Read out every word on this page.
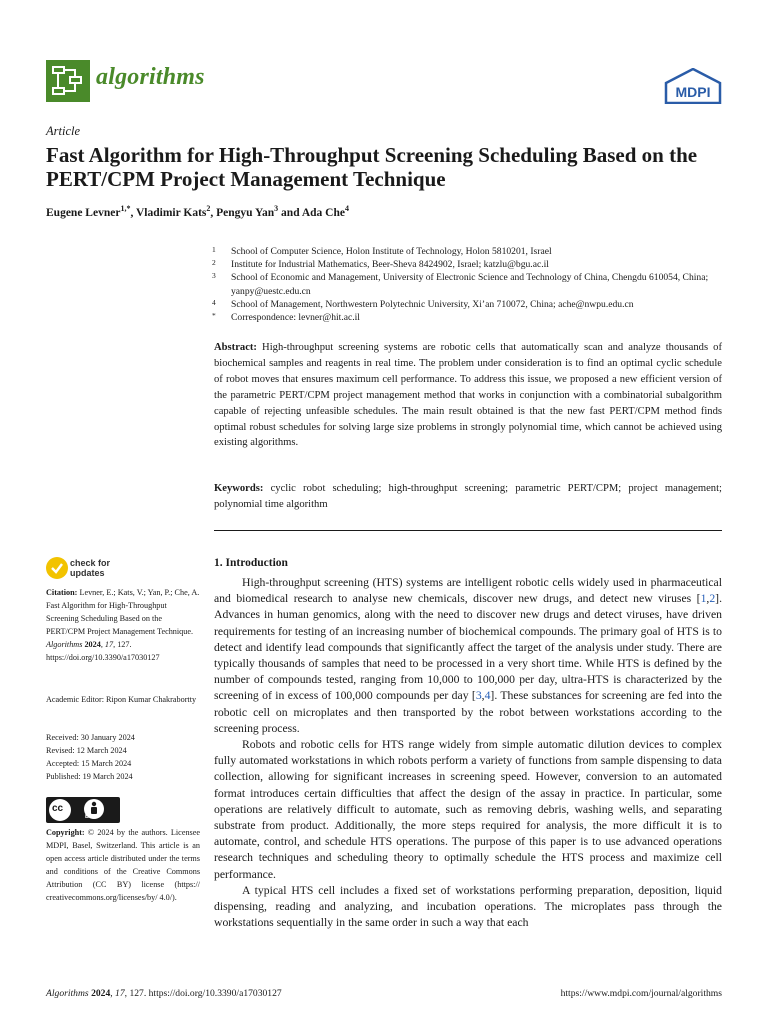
algorithms
MDPI
Article
Fast Algorithm for High-Throughput Screening Scheduling Based on the PERT/CPM Project Management Technique
Eugene Levner$^{1,*}$, Vladimir Kats$^2$, Pengyu Yan$^3$ and Ada Che$^4$
1 School of Computer Science, Holon Institute of Technology, Holon 5810201, Israel
2 Institute for Industrial Mathematics, Beer-Sheva 8424902, Israel; katzlu@bgu.ac.il
3 School of Economic and Management, University of Electronic Science and Technology of China, Chengdu 610054, China; yanpy@uestc.edu.cn
4 School of Management, Northwestern Polytechnic University, Xi’an 710072, China; ache@nwpu.edu.cn
* Correspondence: levner@hit.ac.il
Abstract: High-throughput screening systems are robotic cells that automatically scan and analyze thousands of biochemical samples and reagents in real time. The problem under consideration is to find an optimal cyclic schedule of robot moves that ensures maximum cell performance. To address this issue, we proposed a new efficient version of the parametric PERT/CPM project management method that works in conjunction with a combinatorial subalgorithm capable of rejecting unfeasible schedules. The main result obtained is that the new fast PERT/CPM method finds optimal robust schedules for solving large size problems in strongly polynomial time, which cannot be achieved using existing algorithms.
Keywords: cyclic robot scheduling; high-throughput screening; parametric PERT/CPM; project management; polynomial time algorithm
check for
updates
Citation: Levner, E.; Kats, V.; Yan, P.; Che, A. Fast Algorithm for High-Throughput Screening Scheduling Based on the PERT/CPM Project Management Technique. Algorithms 2024, 17, 127. https://doi.org/10.3390/a17030127
Academic Editor: Ripon Kumar Chakrabortty
Received: 30 January 2024
Revised: 12 March 2024
Accepted: 15 March 2024
Published: 19 March 2024
cc
BY
Copyright: © 2024 by the authors. Licensee MDPI, Basel, Switzerland. This article is an open access article distributed under the terms and conditions of the Creative Commons Attribution (CC BY) license (https:// creativecommons.org/licenses/by/ 4.0/).
1. Introduction

High-throughput screening (HTS) systems are intelligent robotic cells widely used in pharmaceutical and biomedical research to analyse new chemicals, discover new drugs, and detect new viruses [1,2]. Advances in human genomics, along with the need to discover new drugs and detect viruses, have driven requirements for testing of an increasing number of biochemical compounds. The primary goal of HTS is to detect and identify lead compounds that significantly affect the target of the analysis under study. There are typically thousands of samples that need to be processed in a very short time. While HTS is defined by the number of compounds tested, ranging from 10,000 to 100,000 per day, ultra-HTS is characterized by the screening of in excess of 100,000 compounds per day [3,4]. These substances for screening are fed into the robotic cell on microplates and then transported by the robot between workstations according to the screening process.

Robots and robotic cells for HTS range widely from simple automatic dilution devices to complex fully automated workstations in which robots perform a variety of functions from sample dispensing to data collection, allowing for significant increases in screening speed. However, conversion to an automated format introduces certain difficulties that affect the design of the assay in practice. In particular, some operations are relatively difficult to automate, such as removing debris, washing wells, and separating substrate from product. Additionally, the more steps required for analysis, the more difficult it is to automate, control, and schedule HTS operations. The purpose of this paper is to use advanced operations research techniques and scheduling theory to optimally schedule the HTS process and maximize cell performance.

A typical HTS cell includes a fixed set of workstations performing preparation, deposition, liquid dispensing, reading and analyzing, and incubation operations. The microplates pass through the workstations sequentially in the same order in such a way that each

Algorithms 2024, 17, 127. https://doi.org/10.3390/a17030127	https://www.mdpi.com/journal/algorithms
